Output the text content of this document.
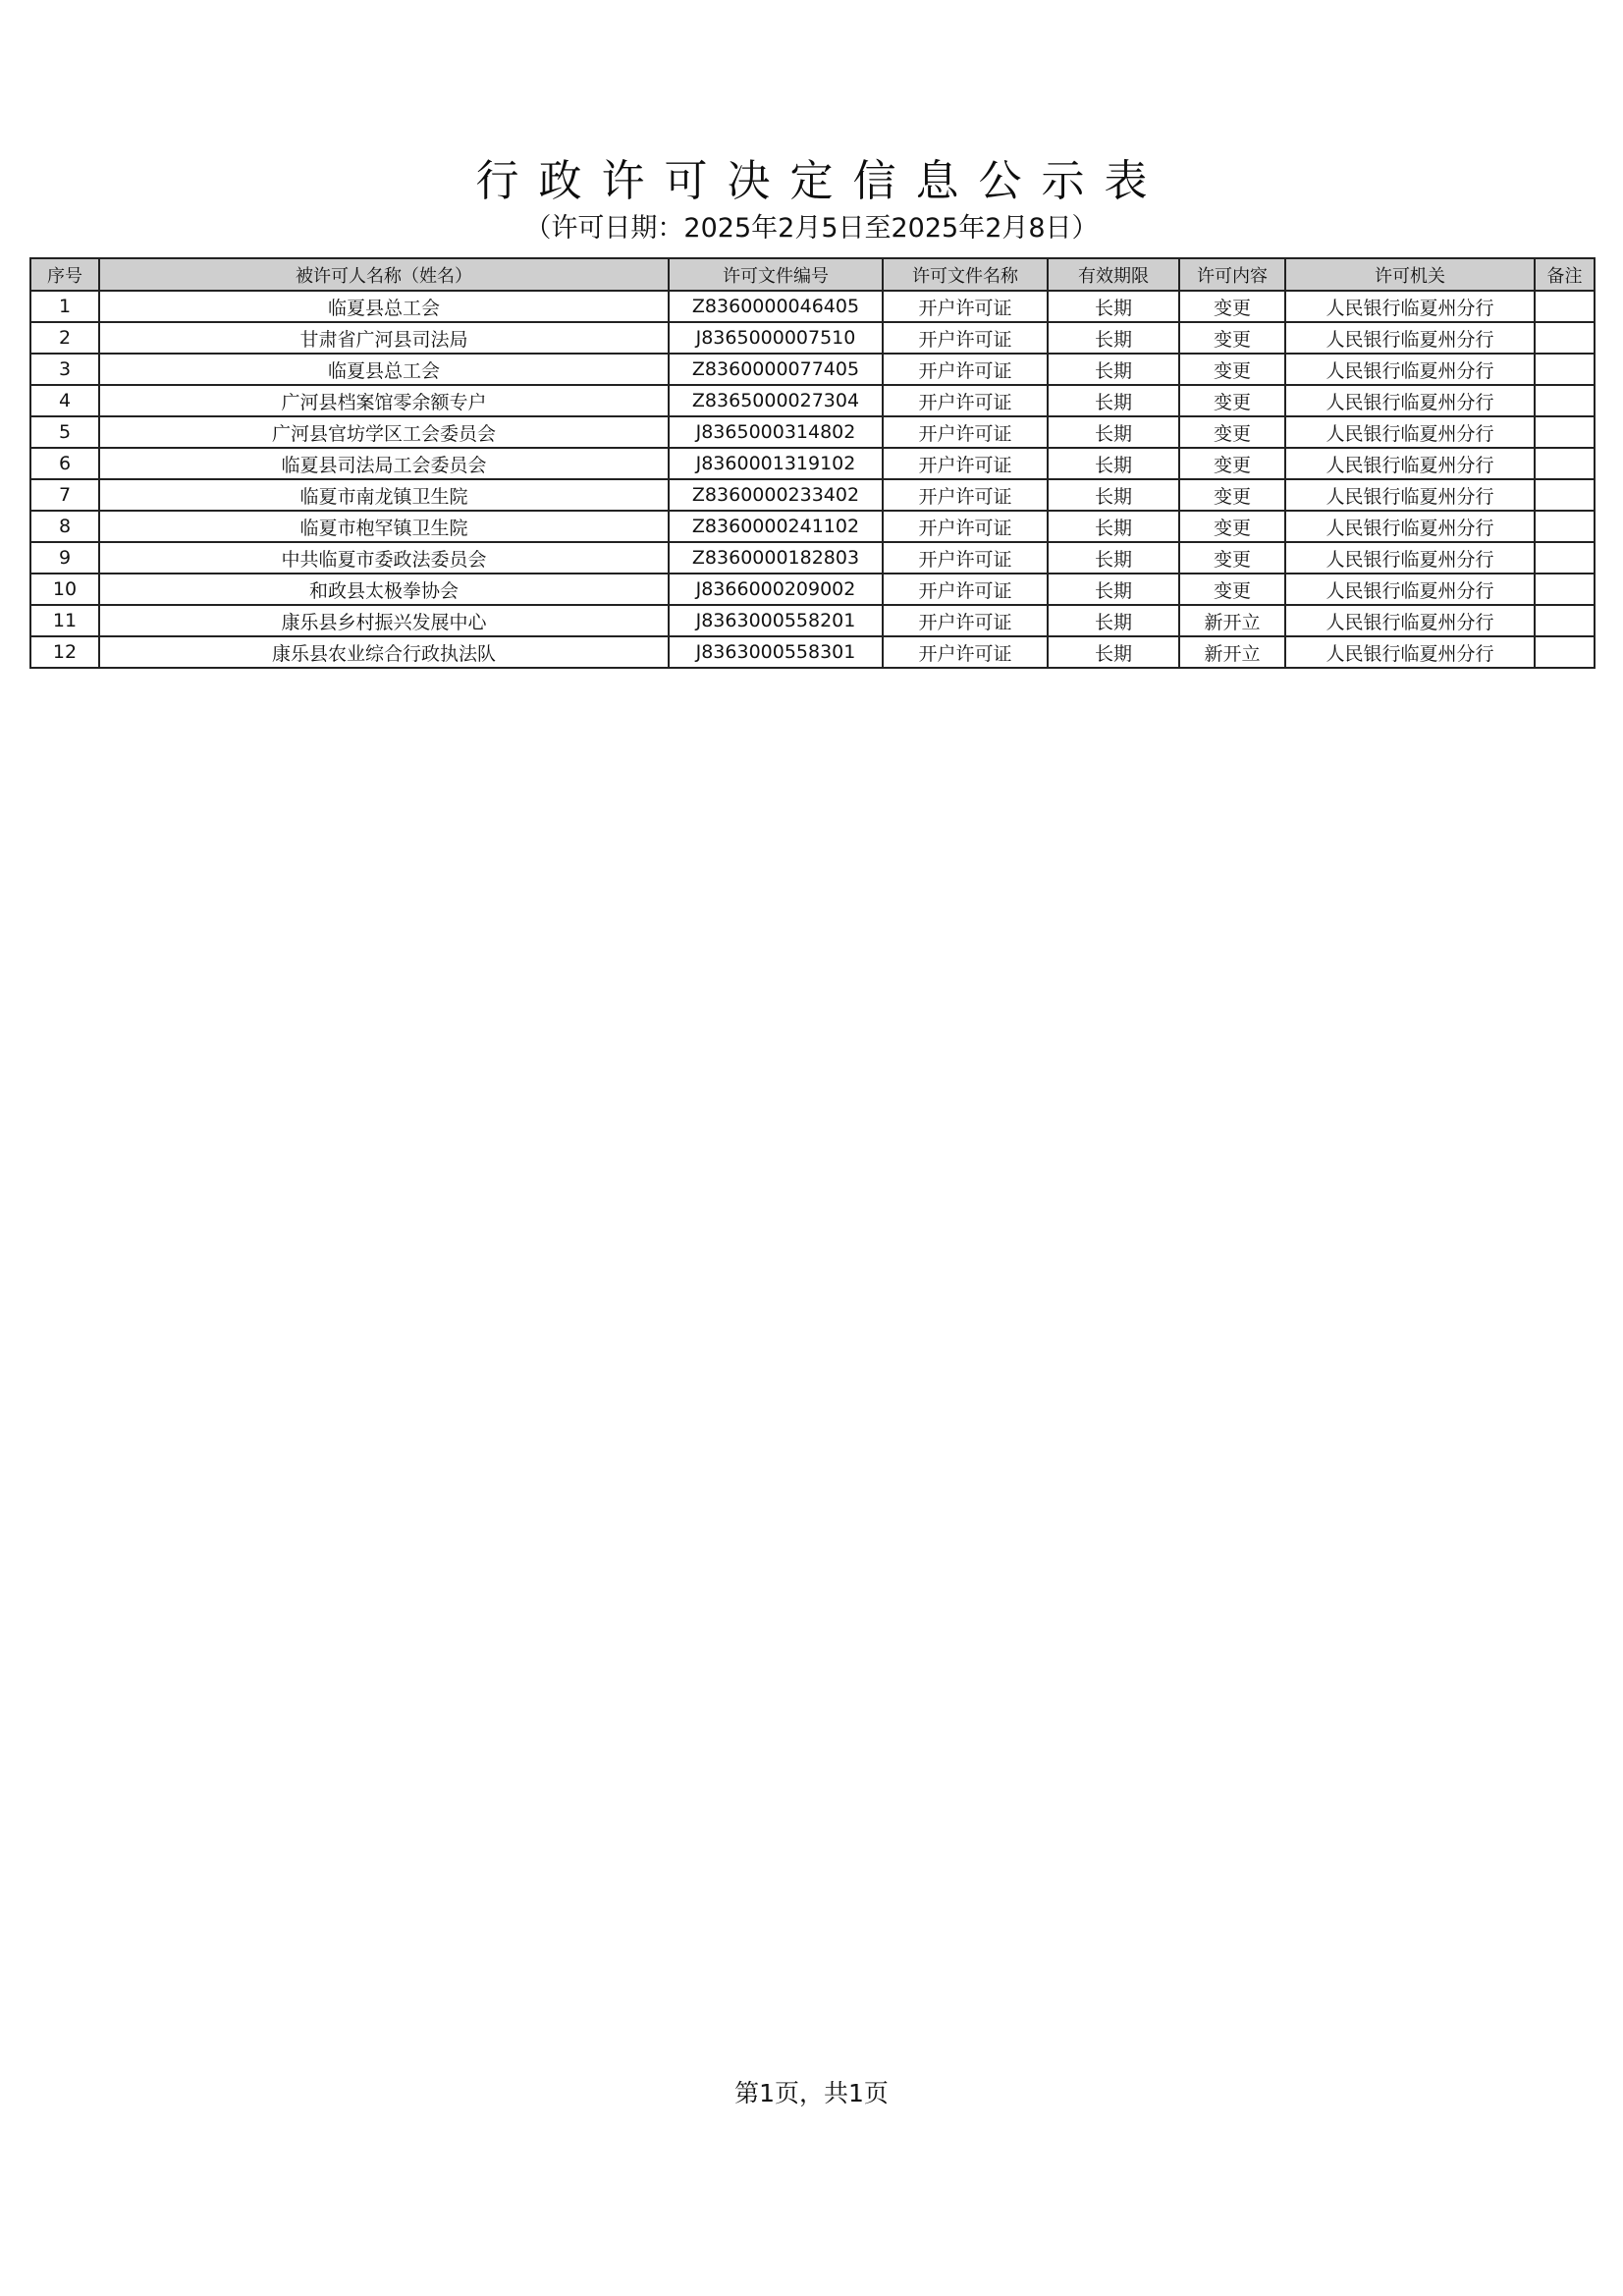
行政许可决定信息公示表
（许可日期：2025年2月5日至2025年2月8日）
序号	被许可人名称（姓名）	许可文件编号	许可文件名称	有效期限	许可内容	许可机关	备注
1	临夏县总工会	Z8360000046405	开户许可证	长期	变更	人民银行临夏州分行	
2	甘肃省广河县司法局	J8365000007510	开户许可证	长期	变更	人民银行临夏州分行	
3	临夏县总工会	Z8360000077405	开户许可证	长期	变更	人民银行临夏州分行	
4	广河县档案馆零余额专户	Z8365000027304	开户许可证	长期	变更	人民银行临夏州分行	
5	广河县官坊学区工会委员会	J8365000314802	开户许可证	长期	变更	人民银行临夏州分行	
6	临夏县司法局工会委员会	J8360001319102	开户许可证	长期	变更	人民银行临夏州分行	
7	临夏市南龙镇卫生院	Z8360000233402	开户许可证	长期	变更	人民银行临夏州分行	
8	临夏市枹罕镇卫生院	Z8360000241102	开户许可证	长期	变更	人民银行临夏州分行	
9	中共临夏市委政法委员会	Z8360000182803	开户许可证	长期	变更	人民银行临夏州分行	
10	和政县太极拳协会	J8366000209002	开户许可证	长期	变更	人民银行临夏州分行	
11	康乐县乡村振兴发展中心	J8363000558201	开户许可证	长期	新开立	人民银行临夏州分行	
12	康乐县农业综合行政执法队	J8363000558301	开户许可证	长期	新开立	人民银行临夏州分行	
第1页，共1页
